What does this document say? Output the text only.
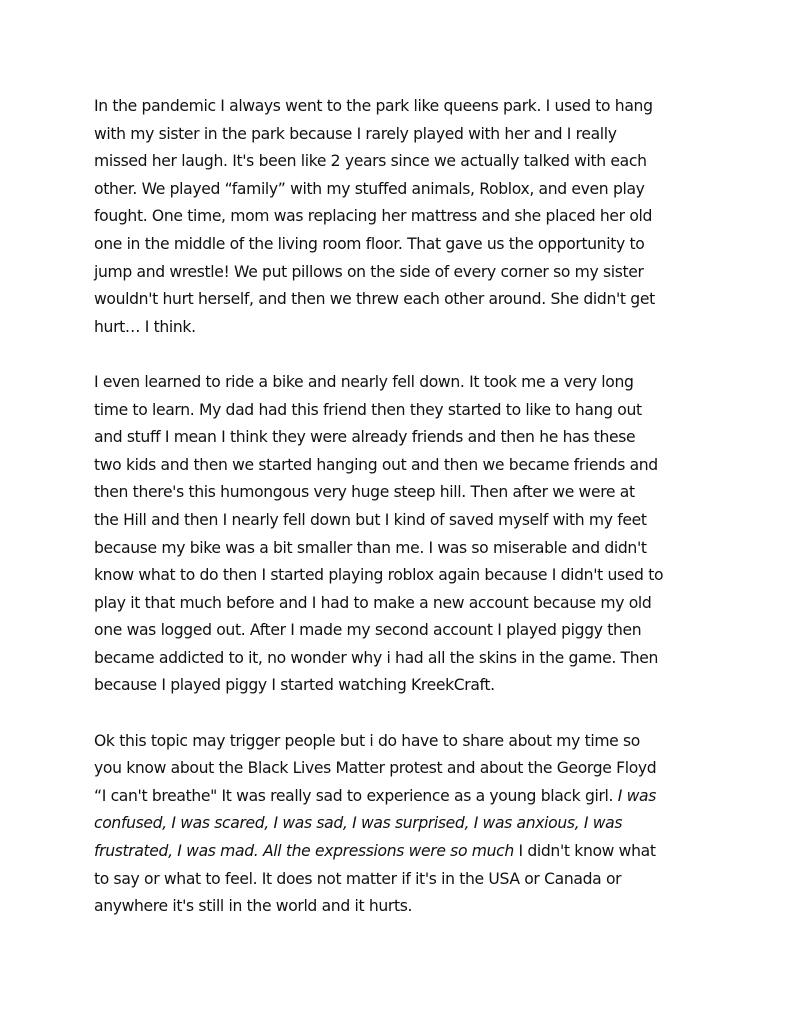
In the pandemic I always went to the park like queens park. I used to hang
with my sister in the park because I rarely played with her and I really
missed her laugh. It's been like 2 years since we actually talked with each
other. We played “family” with my stuffed animals, Roblox, and even play
fought. One time, mom was replacing her mattress and she placed her old
one in the middle of the living room floor. That gave us the opportunity to
jump and wrestle! We put pillows on the side of every corner so my sister
wouldn't hurt herself, and then we threw each other around. She didn't get
hurt… I think.

I even learned to ride a bike and nearly fell down. It took me a very long
time to learn. My dad had this friend then they started to like to hang out
and stuff I mean I think they were already friends and then he has these
two kids and then we started hanging out and then we became friends and
then there's this humongous very huge steep hill. Then after we were at
the Hill and then I nearly fell down but I kind of saved myself with my feet
because my bike was a bit smaller than me. I was so miserable and didn't
know what to do then I started playing roblox again because I didn't used to
play it that much before and I had to make a new account because my old
one was logged out. After I made my second account I played piggy then
became addicted to it, no wonder why i had all the skins in the game. Then
because I played piggy I started watching KreekCraft.

Ok this topic may trigger people but i do have to share about my time so
you know about the Black Lives Matter protest and about the George Floyd
“I can't breathe" It was really sad to experience as a young black girl. I was
confused, I was scared, I was sad, I was surprised, I was anxious, I was
frustrated, I was mad. All the expressions were so much I didn't know what
to say or what to feel. It does not matter if it's in the USA or Canada or
anywhere it's still in the world and it hurts.
